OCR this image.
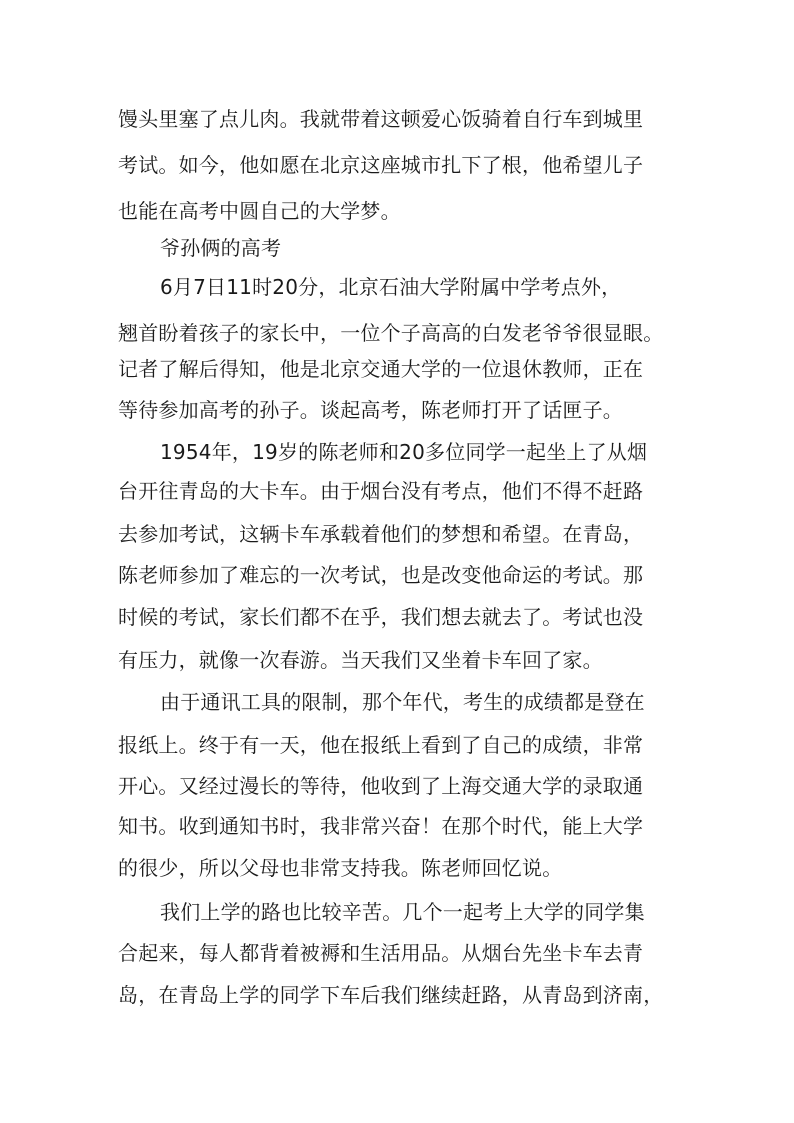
馒头里塞了点儿肉。我就带着这顿爱心饭骑着自行车到城里
考试。如今，他如愿在北京这座城市扎下了根，他希望儿子
也能在高考中圆自己的大学梦。
爷孙俩的高考
6月7日11时20分，北京石油大学附属中学考点外，
翘首盼着孩子的家长中，一位个子高高的白发老爷爷很显眼。
记者了解后得知，他是北京交通大学的一位退休教师，正在
等待参加高考的孙子。谈起高考，陈老师打开了话匣子。
1954年，19岁的陈老师和20多位同学一起坐上了从烟
台开往青岛的大卡车。由于烟台没有考点，他们不得不赶路
去参加考试，这辆卡车承载着他们的梦想和希望。在青岛，
陈老师参加了难忘的一次考试，也是改变他命运的考试。那
时候的考试，家长们都不在乎，我们想去就去了。考试也没
有压力，就像一次春游。当天我们又坐着卡车回了家。
由于通讯工具的限制，那个年代，考生的成绩都是登在
报纸上。终于有一天，他在报纸上看到了自己的成绩，非常
开心。又经过漫长的等待，他收到了上海交通大学的录取通
知书。收到通知书时，我非常兴奋！在那个时代，能上大学
的很少，所以父母也非常支持我。陈老师回忆说。
我们上学的路也比较辛苦。几个一起考上大学的同学集
合起来，每人都背着被褥和生活用品。从烟台先坐卡车去青
岛，在青岛上学的同学下车后我们继续赶路，从青岛到济南，
